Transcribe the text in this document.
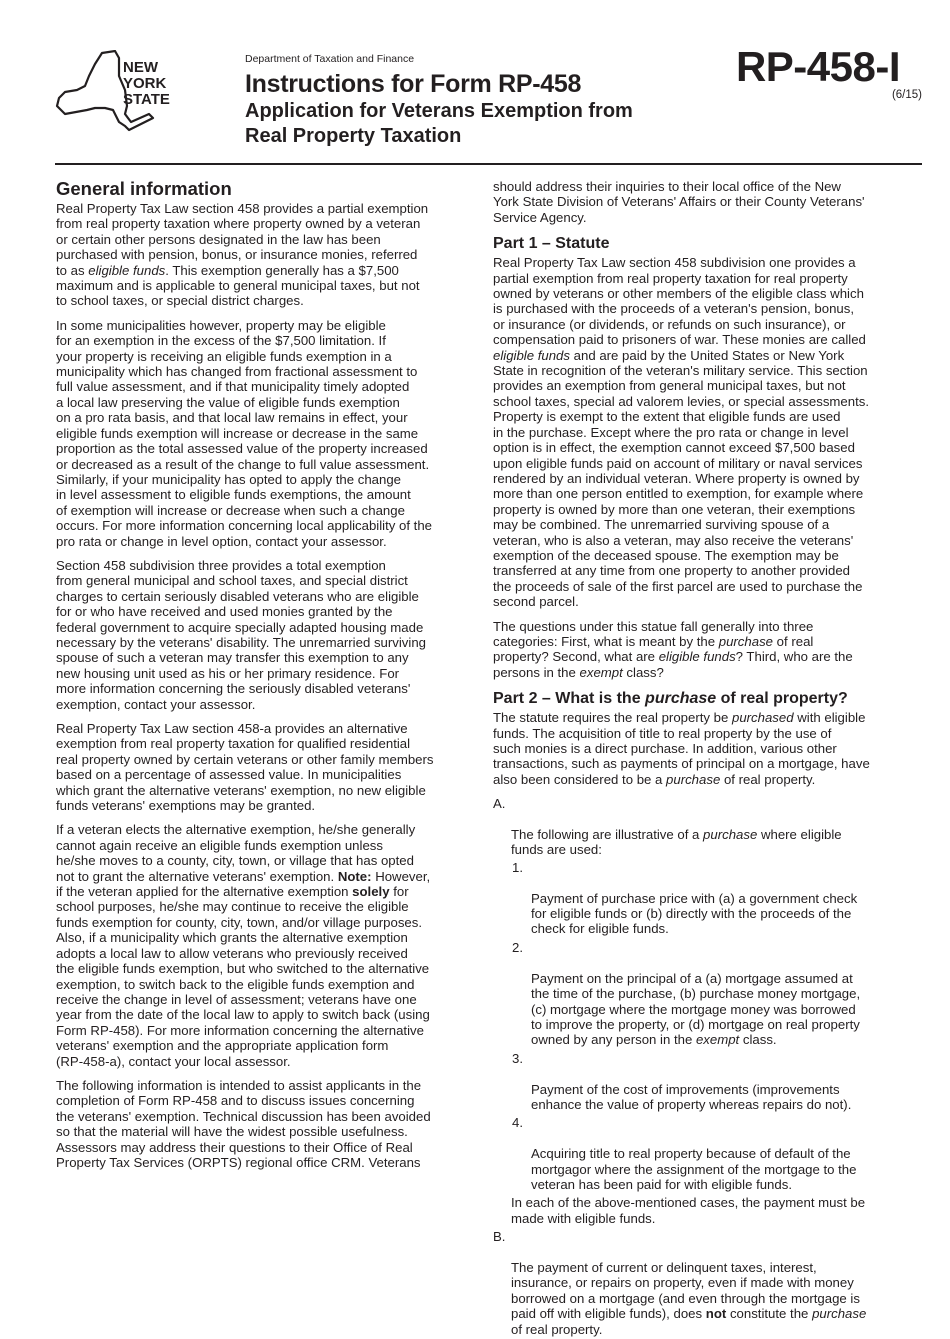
NEW
YORK
STATE
Department of Taxation and Finance
Instructions for Form RP-458
Application for Veterans Exemption from
Real Property Taxation
RP-458-I
(6/15)
General information

Real Property Tax Law section 458 provides a partial exemption
from real property taxation where property owned by a veteran
or certain other persons designated in the law has been
purchased with pension, bonus, or insurance monies, referred
to as eligible funds. This exemption generally has a $7,500
maximum and is applicable to general municipal taxes, but not
to school taxes, or special district charges.

In some municipalities however, property may be eligible
for an exemption in the excess of the $7,500 limitation. If
your property is receiving an eligible funds exemption in a
municipality which has changed from fractional assessment to
full value assessment, and if that municipality timely adopted
a local law preserving the value of eligible funds exemption
on a pro rata basis, and that local law remains in effect, your
eligible funds exemption will increase or decrease in the same
proportion as the total assessed value of the property increased
or decreased as a result of the change to full value assessment.
Similarly, if your municipality has opted to apply the change
in level assessment to eligible funds exemptions, the amount
of exemption will increase or decrease when such a change
occurs. For more information concerning local applicability of the
pro rata or change in level option, contact your assessor.

Section 458 subdivision three provides a total exemption
from general municipal and school taxes, and special district
charges to certain seriously disabled veterans who are eligible
for or who have received and used monies granted by the
federal government to acquire specially adapted housing made
necessary by the veterans' disability. The unremarried surviving
spouse of such a veteran may transfer this exemption to any
new housing unit used as his or her primary residence. For
more information concerning the seriously disabled veterans'
exemption, contact your assessor.

Real Property Tax Law section 458-a provides an alternative
exemption from real property taxation for qualified residential
real property owned by certain veterans or other family members
based on a percentage of assessed value. In municipalities
which grant the alternative veterans' exemption, no new eligible
funds veterans' exemptions may be granted.

If a veteran elects the alternative exemption, he/she generally
cannot again receive an eligible funds exemption unless
he/she moves to a county, city, town, or village that has opted
not to grant the alternative veterans' exemption. Note: However,
if the veteran applied for the alternative exemption solely for
school purposes, he/she may continue to receive the eligible
funds exemption for county, city, town, and/or village purposes.
Also, if a municipality which grants the alternative exemption
adopts a local law to allow veterans who previously received
the eligible funds exemption, but who switched to the alternative
exemption, to switch back to the eligible funds exemption and
receive the change in level of assessment; veterans have one
year from the date of the local law to apply to switch back (using
Form RP-458). For more information concerning the alternative
veterans' exemption and the appropriate application form
(RP-458-a), contact your local assessor.

The following information is intended to assist applicants in the
completion of Form RP-458 and to discuss issues concerning
the veterans' exemption. Technical discussion has been avoided
so that the material will have the widest possible usefulness.
Assessors may address their questions to their Office of Real
Property Tax Services (ORPTS) regional office CRM. Veterans

should address their inquiries to their local office of the New
York State Division of Veterans' Affairs or their County Veterans'
Service Agency.

Part 1 – Statute

Real Property Tax Law section 458 subdivision one provides a
partial exemption from real property taxation for real property
owned by veterans or other members of the eligible class which
is purchased with the proceeds of a veteran's pension, bonus,
or insurance (or dividends, or refunds on such insurance), or
compensation paid to prisoners of war. These monies are called
eligible funds and are paid by the United States or New York
State in recognition of the veteran's military service. This section
provides an exemption from general municipal taxes, but not
school taxes, special ad valorem levies, or special assessments.
Property is exempt to the extent that eligible funds are used
in the purchase. Except where the pro rata or change in level
option is in effect, the exemption cannot exceed $7,500 based
upon eligible funds paid on account of military or naval services
rendered by an individual veteran. Where property is owned by
more than one person entitled to exemption, for example where
property is owned by more than one veteran, their exemptions
may be combined. The unremarried surviving spouse of a
veteran, who is also a veteran, may also receive the veterans'
exemption of the deceased spouse. The exemption may be
transferred at any time from one property to another provided
the proceeds of sale of the first parcel are used to purchase the
second parcel.

The questions under this statue fall generally into three
categories: First, what is meant by the purchase of real
property? Second, what are eligible funds? Third, who are the
persons in the exempt class?

Part 2 – What is the purchase of real property?

The statute requires the real property be purchased with eligible
funds. The acquisition of title to real property by the use of
such monies is a direct purchase. In addition, various other
transactions, such as payments of principal on a mortgage, have
also been considered to be a purchase of real property.

A.

The following are illustrative of a purchase where eligible
funds are used:

1.

Payment of purchase price with (a) a government check
for eligible funds or (b) directly with the proceeds of the
check for eligible funds.

2.

Payment on the principal of a (a) mortgage assumed at
the time of the purchase, (b) purchase money mortgage,
(c) mortgage where the mortgage money was borrowed
to improve the property, or (d) mortgage on real property
owned by any person in the exempt class.

3.

Payment of the cost of improvements (improvements
enhance the value of property whereas repairs do not).

4.

Acquiring title to real property because of default of the
mortgagor where the assignment of the mortgage to the
veteran has been paid for with eligible funds.

In each of the above-mentioned cases, the payment must be
made with eligible funds.

B.

The payment of current or delinquent taxes, interest,
insurance, or repairs on property, even if made with money
borrowed on a mortgage (and even through the mortgage is
paid off with eligible funds), does not constitute the purchase
of real property.
